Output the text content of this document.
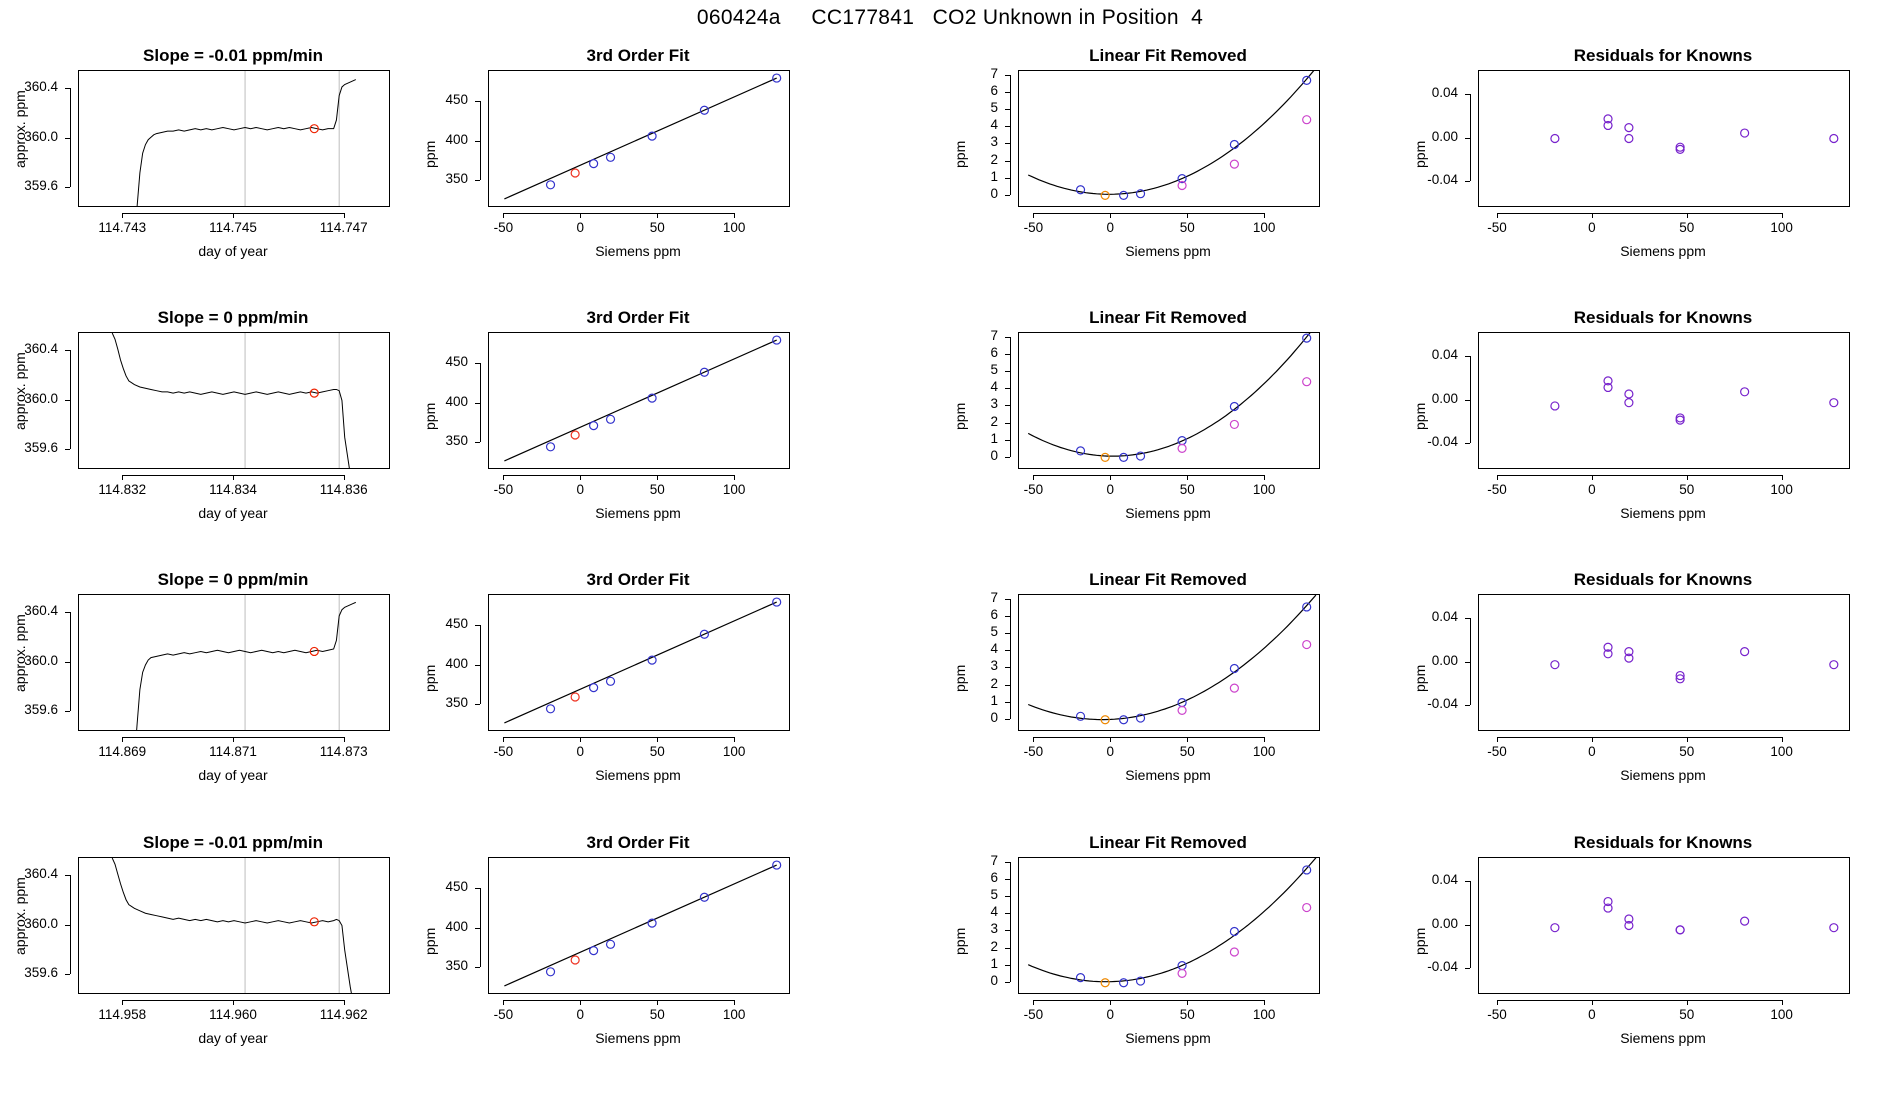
060424a     CC177841   CO2 Unknown in Position  4
Slope = -0.01 ppm/min
114.743	114.745	114.747
359.6
360.0
360.4
approx. ppm
day of year
3rd Order Fit
-50	0	50	100
350
400
450
ppm
Siemens ppm
Linear Fit Removed
-50	0	50	100
0
1
2
3
4
5
6
7
ppm
Siemens ppm
Residuals for Knowns
-50	0	50	100
-0.04
0.00
0.04
ppm
Siemens ppm
Slope = 0 ppm/min
114.832	114.834	114.836
359.6
360.0
360.4
approx. ppm
day of year
3rd Order Fit
-50	0	50	100
350
400
450
ppm
Siemens ppm
Linear Fit Removed
-50	0	50	100
0
1
2
3
4
5
6
7
ppm
Siemens ppm
Residuals for Knowns
-50	0	50	100
-0.04
0.00
0.04
ppm
Siemens ppm
Slope = 0 ppm/min
114.869	114.871	114.873
359.6
360.0
360.4
approx. ppm
day of year
3rd Order Fit
-50	0	50	100
350
400
450
ppm
Siemens ppm
Linear Fit Removed
-50	0	50	100
0
1
2
3
4
5
6
7
ppm
Siemens ppm
Residuals for Knowns
-50	0	50	100
-0.04
0.00
0.04
ppm
Siemens ppm
Slope = -0.01 ppm/min
114.958	114.960	114.962
359.6
360.0
360.4
approx. ppm
day of year
3rd Order Fit
-50	0	50	100
350
400
450
ppm
Siemens ppm
Linear Fit Removed
-50	0	50	100
0
1
2
3
4
5
6
7
ppm
Siemens ppm
Residuals for Knowns
-50	0	50	100
-0.04
0.00
0.04
ppm
Siemens ppm
